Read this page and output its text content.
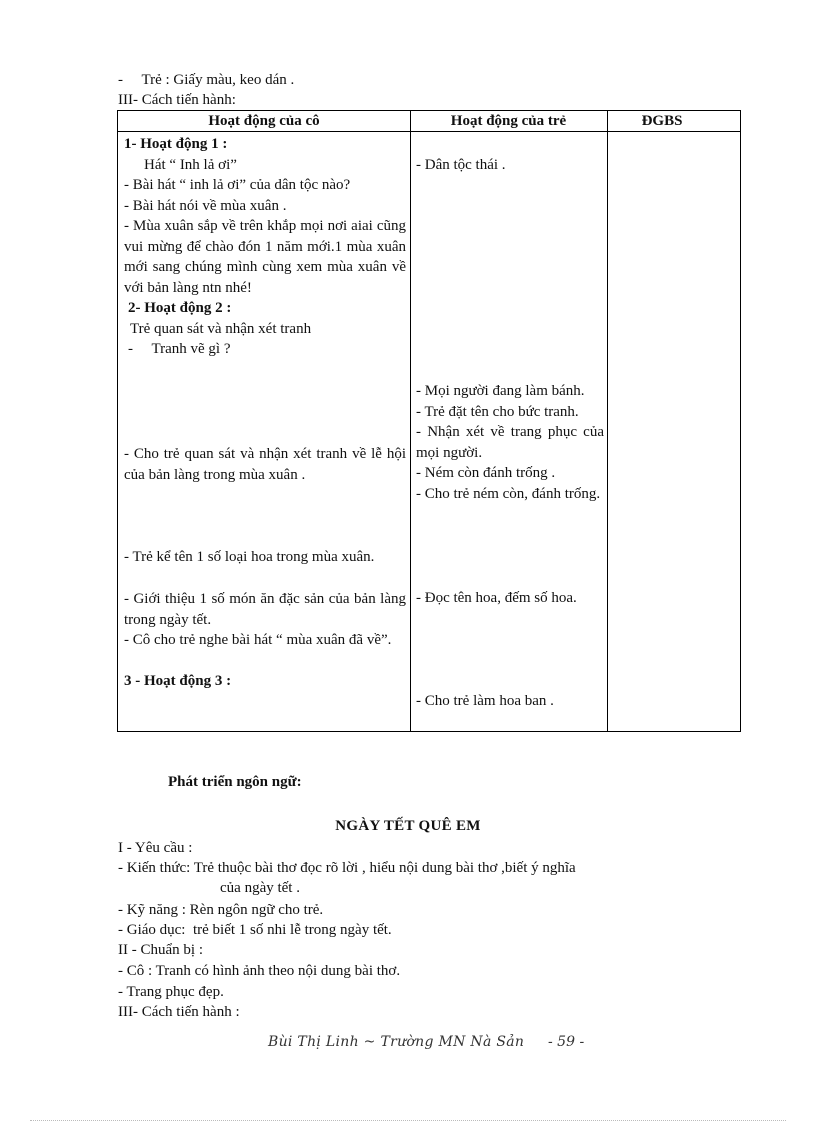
-     Trẻ : Giấy màu, keo dán .
III- Cách tiến hành:
Hoạt động của cô	Hoạt động của trẻ	ĐGBS
1- Hoạt động 1 :
Hát “ Inh lả ơi”
- Bài hát “ inh lả ơi” của dân tộc nào?
- Bài hát nói về mùa xuân .
- Mùa xuân sắp về trên khắp mọi nơi aiai cũng vui mừng để chào đón 1 năm mới.1 mùa xuân mới sang chúng mình cùng xem mùa xuân về với bản làng ntn nhé!
2- Hoạt động 2 :
Trẻ quan sát và nhận xét tranh
-     Tranh vẽ gì ?
- Cho trẻ quan sát và nhận xét tranh về lễ hội của bản làng trong mùa xuân .
- Trẻ kể tên 1 số loại hoa trong mùa xuân.
- Giới thiệu 1 số món ăn đặc sản của bản làng trong ngày tết.
- Cô cho trẻ nghe bài hát “ mùa xuân đã về”.
3 - Hoạt động 3 :
- Dân tộc thái .
- Mọi người đang làm bánh.
- Trẻ đặt tên cho bức tranh.
- Nhận xét về trang phục của mọi người.
- Ném còn đánh trống .
- Cho trẻ ném còn, đánh trống.
- Đọc tên hoa, đếm số hoa.
- Cho trẻ làm hoa ban .
Phát triển ngôn ngữ:
NGÀY TẾT QUÊ EM
I - Yêu cầu :
- Kiến thức: Trẻ thuộc bài thơ đọc rõ lời , hiểu nội dung bài thơ ,biết ý nghĩa
của ngày tết .
- Kỹ năng : Rèn ngôn ngữ cho trẻ.
- Giáo dục:  trẻ biết 1 số nhi lễ trong ngày tết.
II - Chuẩn bị :
- Cô : Tranh có hình ảnh theo nội dung bài thơ.
- Trang phục đẹp.
III- Cách tiến hành :
Bùi Thị Linh ~ Trường MN Nà Sản - 59 -
